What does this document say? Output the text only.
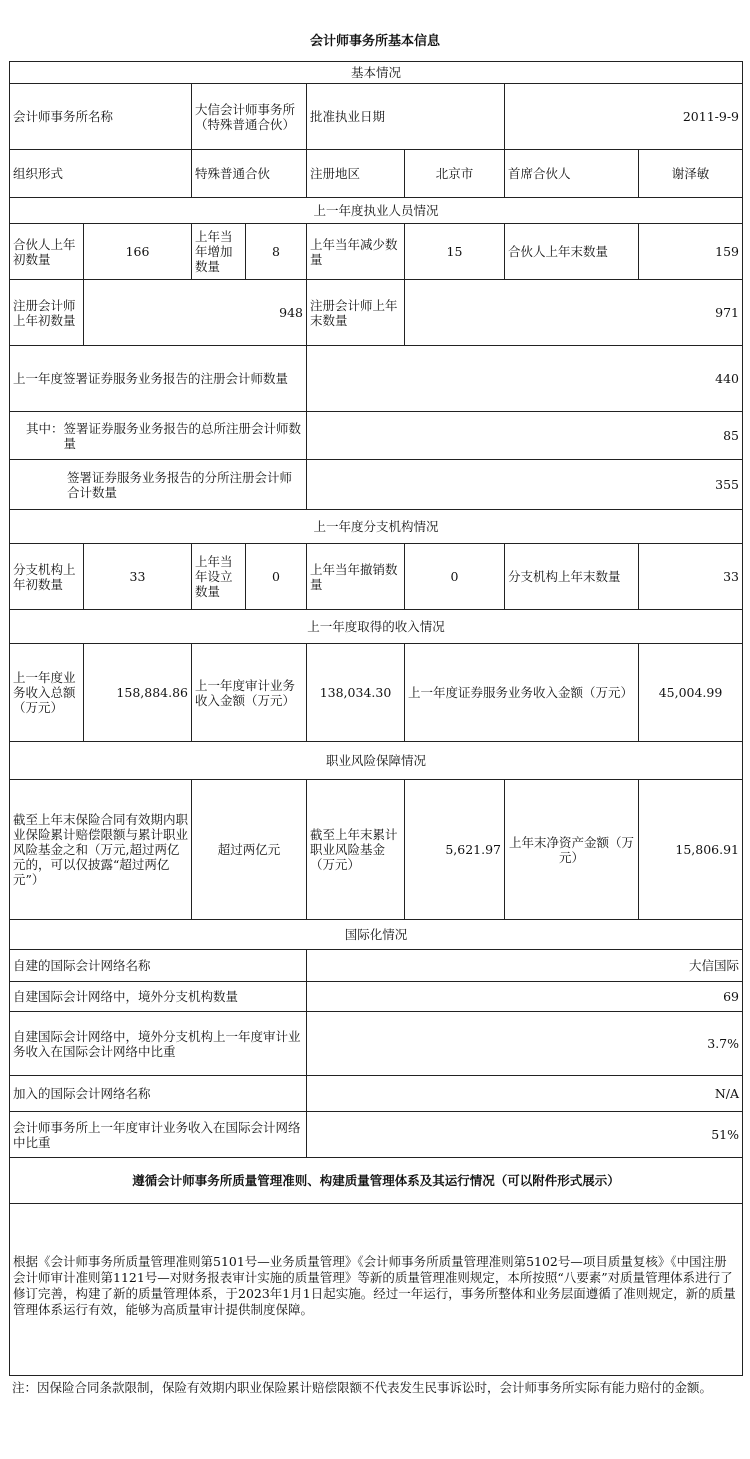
会计师事务所基本信息
基本情况							
会计师事务所名称		大信会计师事务所（特殊普通合伙）		批准执业日期		2011-9-9	
组织形式		特殊普通合伙		注册地区	北京市	首席合伙人	谢泽敏
上一年度执业人员情况							
合伙人上年初数量	166	上年当年增加数量	8	上年当年减少数量	15	合伙人上年末数量	159
注册会计师上年初数量	948			注册会计师上年末数量	971		
上一年度签署证券服务业务报告的注册会计师数量				440			

其中： 签署证券服务业务报告的总所注册会计师数量				85			
签署证券服务业务报告的分所注册会计师合计数量				355			
上一年度分支机构情况							
分支机构上年初数量	33	上年当年设立数量	0	上年当年撤销数量	0	分支机构上年末数量	33
上一年度取得的收入情况							
上一年度业务收入总额（万元）	158,884.86	上一年度审计业务收入金额（万元）		138,034.30	上一年度证券服务业务收入金额（万元）		45,004.99
职业风险保障情况							
截至上年末保险合同有效期内职业保险累计赔偿限额与累计职业风险基金之和（万元,超过两亿元的，可以仅披露“超过两亿元”）		超过两亿元		截至上年末累计职业风险基金（万元）	5,621.97	上年末净资产金额（万元）	15,806.91
国际化情况							
自建的国际会计网络名称				大信国际			
自建国际会计网络中，境外分支机构数量				69			
自建国际会计网络中，境外分支机构上一年度审计业务收入在国际会计网络中比重				3.7%			
加入的国际会计网络名称				N/A			
会计师事务所上一年度审计业务收入在国际会计网络中比重				51%			
遵循会计师事务所质量管理准则、构建质量管理体系及其运行情况（可以附件形式展示）							
根据《会计师事务所质量管理准则第5101号—业务质量管理》《会计师事务所质量管理准则第5102号—项目质量复核》《中国注册会计师审计准则第1121号—对财务报表审计实施的质量管理》等新的质量管理准则规定，本所按照“八要素”对质量管理体系进行了修订完善，构建了新的质量管理体系，于2023年1月1日起实施。经过一年运行，事务所整体和业务层面遵循了准则规定，新的质量管理体系运行有效，能够为高质量审计提供制度保障。							
注：因保险合同条款限制，保险有效期内职业保险累计赔偿限额不代表发生民事诉讼时，会计师事务所实际有能力赔付的金额。
